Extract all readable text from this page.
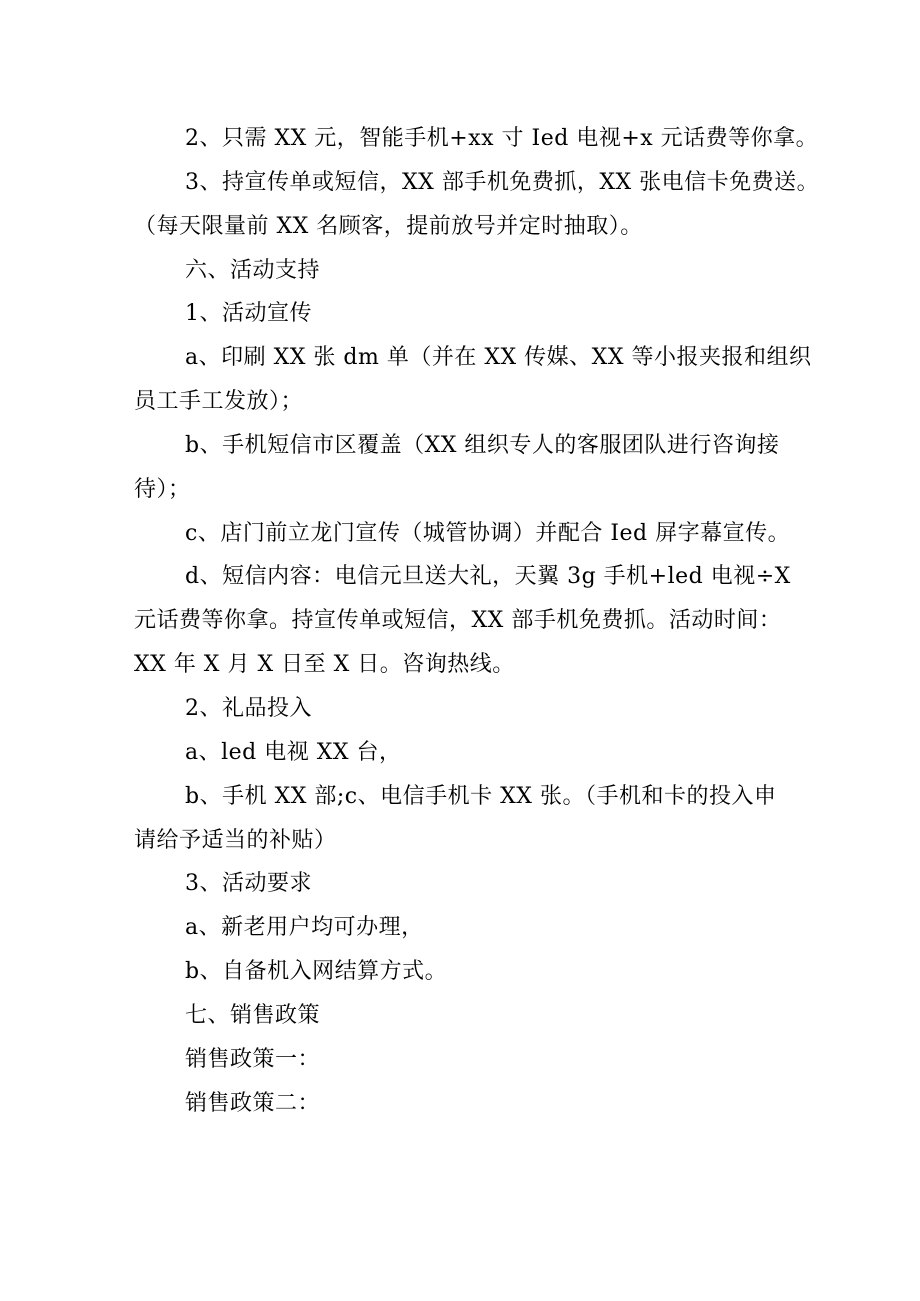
2、只需 XX 元，智能手机+xx 寸 Ied 电视+x 元话费等你拿。
3、持宣传单或短信，XX 部手机免费抓，XX 张电信卡免费送。
（每天限量前 XX 名顾客，提前放号并定时抽取）。
六、活动支持
1、活动宣传
a、印刷 XX 张 dm 单（并在 XX 传媒、XX 等小报夹报和组织
员工手工发放）；
b、手机短信市区覆盖（XX 组织专人的客服团队进行咨询接
待）；
c、店门前立龙门宣传（城管协调）并配合 Ied 屏字幕宣传。
d、短信内容：电信元旦送大礼，天翼 3g 手机+led 电视÷X
元话费等你拿。持宣传单或短信，XX 部手机免费抓。活动时间：
XX 年 X 月 X 日至 X 日。咨询热线。
2、礼品投入
a、led 电视 XX 台，
b、手机 XX 部;c、电信手机卡 XX 张。（手机和卡的投入申
请给予适当的补贴）
3、活动要求
a、新老用户均可办理，
b、自备机入网结算方式。
七、销售政策
销售政策一：
销售政策二：
